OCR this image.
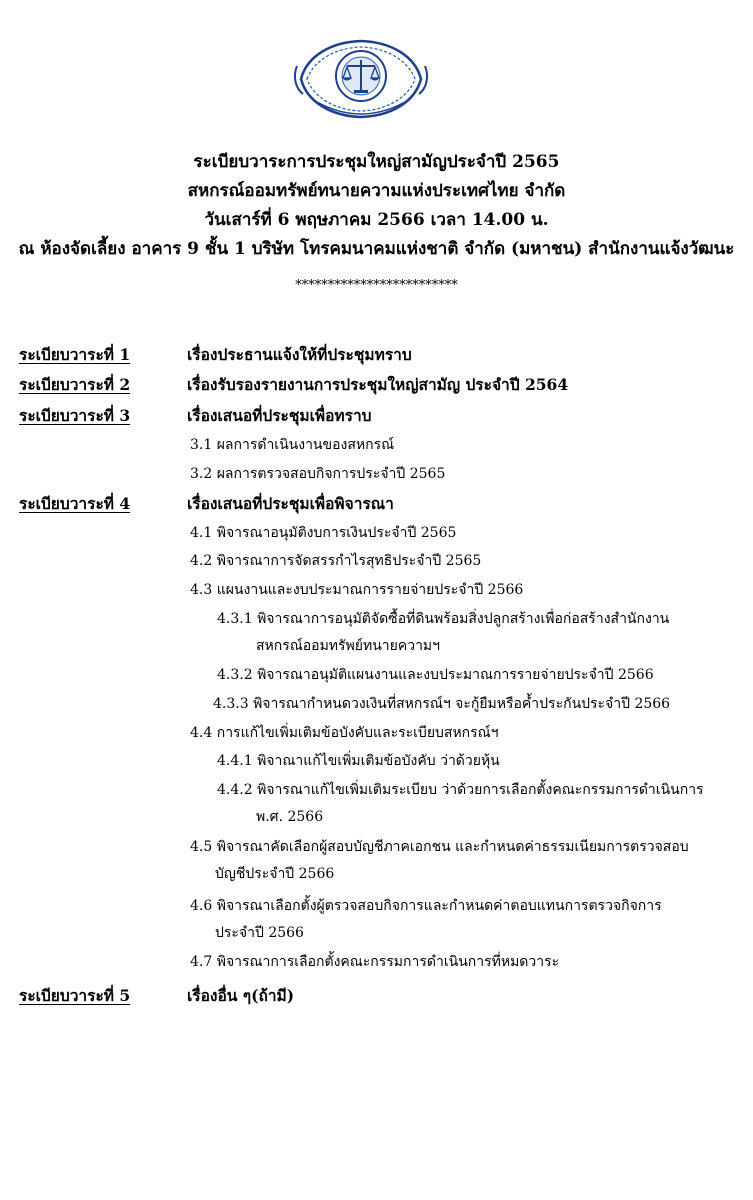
ระเบียบวาระการประชุมใหญ่สามัญประจำปี 2565
สหกรณ์ออมทรัพย์ทนายความแห่งประเทศไทย จำกัด
วันเสาร์ที่ 6 พฤษภาคม 2566 เวลา 14.00 น.
ณ ห้องจัดเลี้ยง อาคาร 9 ชั้น 1 บริษัท โทรคมนาคมแห่งชาติ จำกัด (มหาชน) สำนักงานแจ้งวัฒนะ
*************************
ระเบียบวาระที่ 1	เรื่องประธานแจ้งให้ที่ประชุมทราบ
ระเบียบวาระที่ 2	เรื่องรับรองรายงานการประชุมใหญ่สามัญ ประจำปี 2564
ระเบียบวาระที่ 3	เรื่องเสนอที่ประชุมเพื่อทราบ
3.1 ผลการดำเนินงานของสหกรณ์
3.2 ผลการตรวจสอบกิจการประจำปี 2565
ระเบียบวาระที่ 4	เรื่องเสนอที่ประชุมเพื่อพิจารณา
4.1 พิจารณาอนุมัติงบการเงินประจำปี 2565
4.2 พิจารณาการจัดสรรกำไรสุทธิประจำปี 2565
4.3 แผนงานและงบประมาณการรายจ่ายประจำปี 2566
4.3.1 พิจารณาการอนุมัติจัดซื้อที่ดินพร้อมสิ่งปลูกสร้างเพื่อก่อสร้างสำนักงาน
สหกรณ์ออมทรัพย์ทนายความฯ
4.3.2 พิจารณาอนุมัติแผนงานและงบประมาณการรายจ่ายประจำปี 2566
4.3.3 พิจารณากำหนดวงเงินที่สหกรณ์ฯ จะกู้ยืมหรือค้ำประกันประจำปี 2566
4.4 การแก้ไขเพิ่มเติมข้อบังคับและระเบียบสหกรณ์ฯ
4.4.1 พิจาณาแก้ไขเพิ่มเติมข้อบังคับ ว่าด้วยหุ้น
4.4.2 พิจารณาแก้ไขเพิ่มเติมระเบียบ ว่าด้วยการเลือกตั้งคณะกรรมการดำเนินการ
พ.ศ. 2566
4.5 พิจารณาคัดเลือกผู้สอบบัญชีภาคเอกชน และกำหนดค่าธรรมเนียมการตรวจสอบ
บัญชีประจำปี 2566
4.6 พิจารณาเลือกตั้งผู้ตรวจสอบกิจการและกำหนดค่าตอบแทนการตรวจกิจการ
ประจำปี 2566
4.7 พิจารณาการเลือกตั้งคณะกรรมการดำเนินการที่หมดวาระ
ระเบียบวาระที่ 5	เรื่องอื่น ๆ(ถ้ามี)
